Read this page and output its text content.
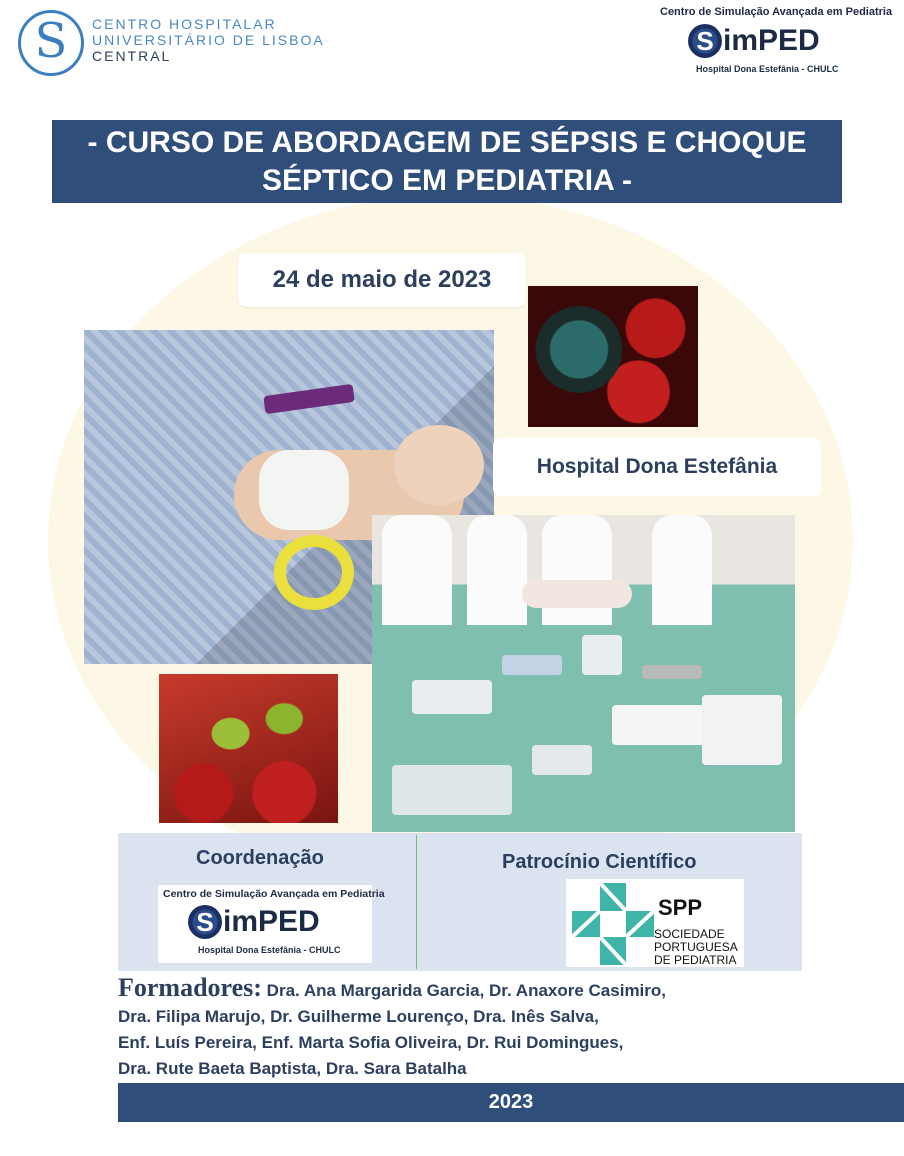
S CENTRO HOSPITALAR
UNIVERSITÁRIO DE LISBOA
CENTRAL
Centro de Simulação Avançada em Pediatria
S imPED
Hospital Dona Estefânia - CHULC
- CURSO DE ABORDAGEM DE SÉPSIS E CHOQUE
SÉPTICO EM PEDIATRIA -
24 de maio de 2023
Hospital Dona Estefânia
Coordenação	Patrocínio Científico
Centro de Simulação Avançada em Pediatria
S imPED
Hospital Dona Estefânia - CHULC
SPP
SOCIEDADE
PORTUGUESA
DE PEDIATRIA
Formadores: Dra. Ana Margarida Garcia, Dr. Anaxore Casimiro,
Dra. Filipa Marujo, Dr. Guilherme Lourenço, Dra. Inês Salva,
Enf. Luís Pereira, Enf. Marta Sofia Oliveira, Dr. Rui Domingues,
Dra. Rute Baeta Baptista, Dra. Sara Batalha
2023
